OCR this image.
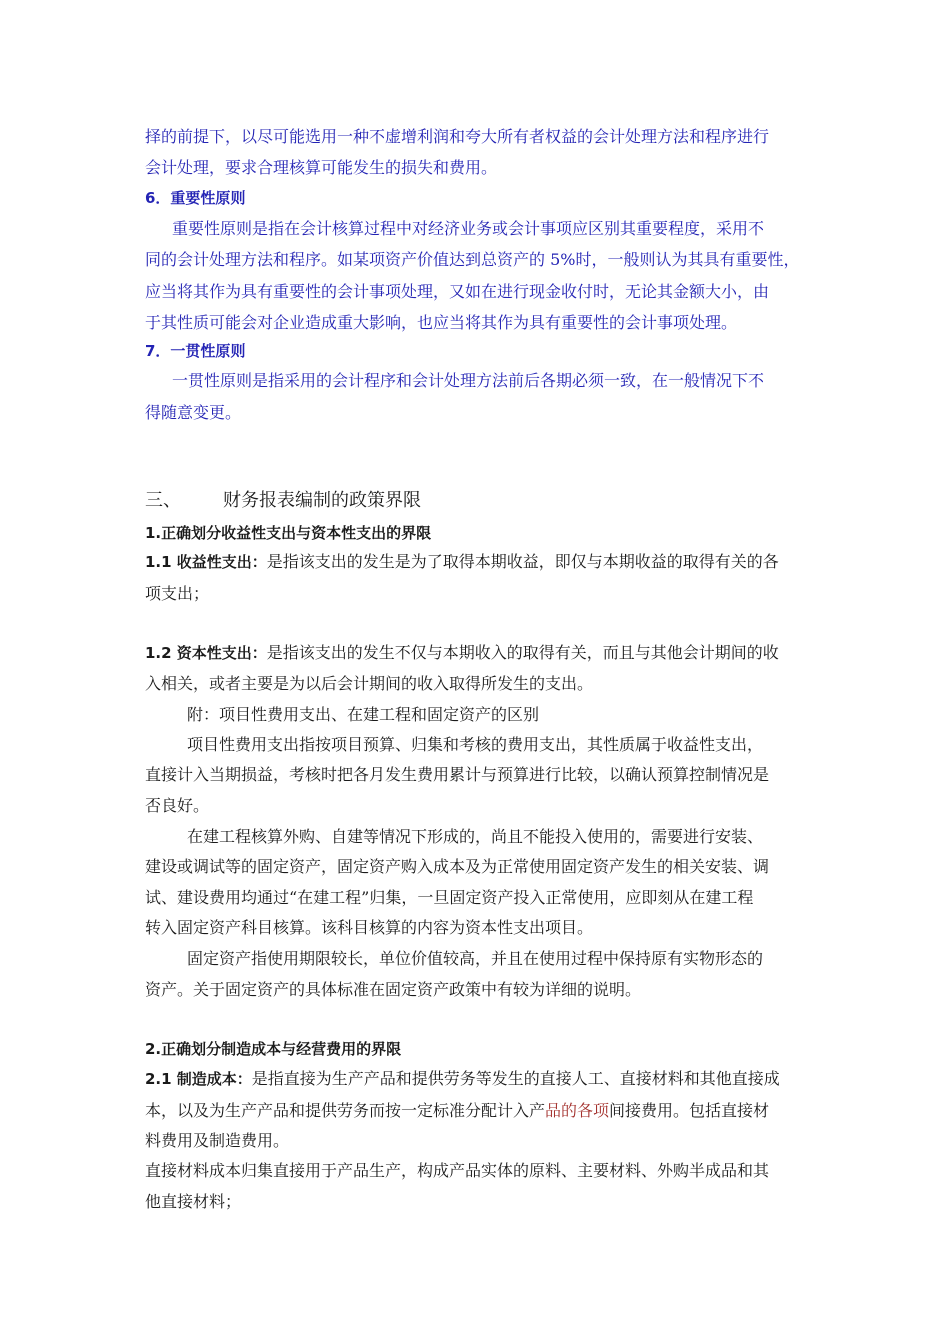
择的前提下，以尽可能选用一种不虚增利润和夸大所有者权益的会计处理方法和程序进行
会计处理，要求合理核算可能发生的损失和费用。
6．重要性原则
重要性原则是指在会计核算过程中对经济业务或会计事项应区别其重要程度，采用不
同的会计处理方法和程序。如某项资产价值达到总资产的 5%时，一般则认为其具有重要性，
应当将其作为具有重要性的会计事项处理，又如在进行现金收付时，无论其金额大小，由
于其性质可能会对企业造成重大影响，也应当将其作为具有重要性的会计事项处理。
7．一贯性原则
一贯性原则是指采用的会计程序和会计处理方法前后各期必须一致，在一般情况下不
得随意变更。
三、 财务报表编制的政策界限
1.正确划分收益性支出与资本性支出的界限
1.1 收益性支出：是指该支出的发生是为了取得本期收益，即仅与本期收益的取得有关的各
项支出；
1.2 资本性支出：是指该支出的发生不仅与本期收入的取得有关，而且与其他会计期间的收
入相关，或者主要是为以后会计期间的收入取得所发生的支出。
附：项目性费用支出、在建工程和固定资产的区别
项目性费用支出指按项目预算、归集和考核的费用支出，其性质属于收益性支出，
直接计入当期损益，考核时把各月发生费用累计与预算进行比较，以确认预算控制情况是
否良好。
在建工程核算外购、自建等情况下形成的，尚且不能投入使用的，需要进行安装、
建设或调试等的固定资产，固定资产购入成本及为正常使用固定资产发生的相关安装、调
试、建设费用均通过“在建工程”归集，一旦固定资产投入正常使用，应即刻从在建工程
转入固定资产科目核算。该科目核算的内容为资本性支出项目。
固定资产指使用期限较长，单位价值较高，并且在使用过程中保持原有实物形态的
资产。关于固定资产的具体标准在固定资产政策中有较为详细的说明。
2.正确划分制造成本与经营费用的界限
2.1 制造成本：是指直接为生产产品和提供劳务等发生的直接人工、直接材料和其他直接成
本，以及为生产产品和提供劳务而按一定标准分配计入产品的各项间接费用。包括直接材
料费用及制造费用。
直接材料成本归集直接用于产品生产，构成产品实体的原料、主要材料、外购半成品和其
他直接材料；
